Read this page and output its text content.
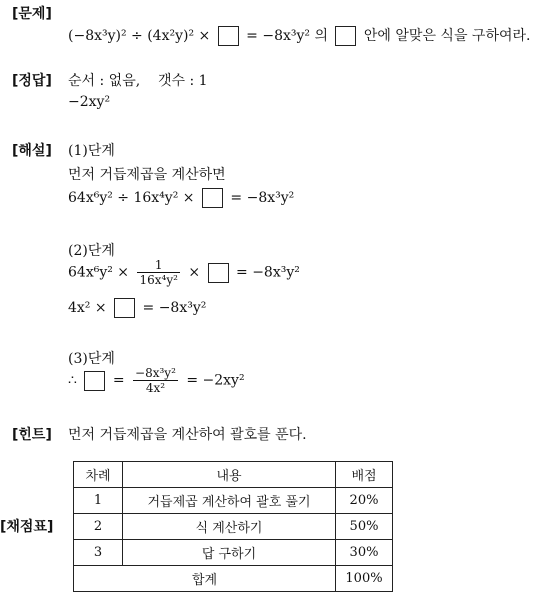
[문제]
(−8x³y)² ÷ (4x²y)² ×	= −8x³y² 의	안에 알맞은 식을 구하여라.
[정답] 순서 : 없음, 갯수 : 1
−2xy²
[해설] (1)단계
먼저 거듭제곱을 계산하면
64x⁶y² ÷ 16x⁴y² ×	= −8x³y²
(2)단계
$64x^6y^2 \times \frac{1}{\text{16x⁴y²}}$ ×	= −8x³y²
4x² ×	= −8x³y²
(3)단계
∴	= $\frac{\text{−8x³y²}}{\text{4x²}} = -2xy^2$
[힌트] 먼저 거듭제곱을 계산하여 괄호를 푼다.
[채점표]
차례	내용	배점
1	거듭제곱 계산하여 괄호 풀기	20%
2	식 계산하기	50%
3	답 구하기	30%
합계		100%
